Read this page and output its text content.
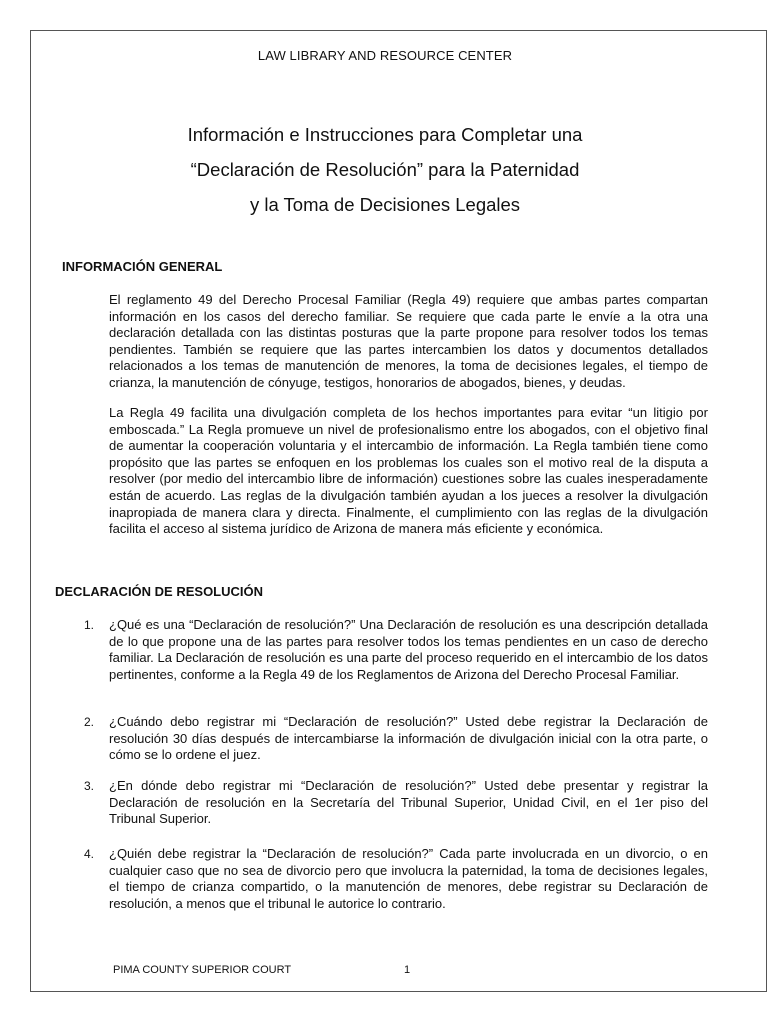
LAW LIBRARY AND RESOURCE CENTER
Información e Instrucciones para Completar una
“Declaración de Resolución” para la Paternidad
y la Toma de Decisiones Legales
INFORMACIÓN GENERAL

El reglamento 49 del Derecho Procesal Familiar (Regla 49) requiere que ambas partes compartan información en los casos del derecho familiar. Se requiere que cada parte le envíe a la otra una declaración detallada con las distintas posturas que la parte propone para resolver todos los temas pendientes. También se requiere que las partes intercambien los datos y documentos detallados relacionados a los temas de manutención de menores, la toma de decisiones legales, el tiempo de crianza, la manutención de cónyuge, testigos, honorarios de abogados, bienes, y deudas.

La Regla 49 facilita una divulgación completa de los hechos importantes para evitar “un litigio por emboscada.” La Regla promueve un nivel de profesionalismo entre los abogados, con el objetivo final de aumentar la cooperación voluntaria y el intercambio de información. La Regla también tiene como propósito que las partes se enfoquen en los problemas los cuales son el motivo real de la disputa a resolver (por medio del intercambio libre de información) cuestiones sobre las cuales inesperadamente están de acuerdo. Las reglas de la divulgación también ayudan a los jueces a resolver la divulgación inapropiada de manera clara y directa. Finalmente, el cumplimiento con las reglas de la divulgación facilita el acceso al sistema jurídico de Arizona de manera más eficiente y económica.

DECLARACIÓN DE RESOLUCIÓN
1.	¿Qué es una “Declaración de resolución?” Una Declaración de resolución es una descripción detallada de lo que propone una de las partes para resolver todos los temas pendientes en un caso de derecho familiar. La Declaración de resolución es una parte del proceso requerido en el intercambio de los datos pertinentes, conforme a la Regla 49 de los Reglamentos de Arizona del Derecho Procesal Familiar.
2.	¿Cuándo debo registrar mi “Declaración de resolución?” Usted debe registrar la Declaración de resolución 30 días después de intercambiarse la información de divulgación inicial con la otra parte, o cómo se lo ordene el juez.
3.	¿En dónde debo registrar mi “Declaración de resolución?” Usted debe presentar y registrar la Declaración de resolución en la Secretaría del Tribunal Superior, Unidad Civil, en el 1er piso del Tribunal Superior.
4.	¿Quién debe registrar la “Declaración de resolución?” Cada parte involucrada en un divorcio, o en cualquier caso que no sea de divorcio pero que involucra la paternidad, la toma de decisiones legales, el tiempo de crianza compartido, o la manutención de menores, debe registrar su Declaración de resolución, a menos que el tribunal le autorice lo contrario.
PIMA COUNTY SUPERIOR COURT	1
